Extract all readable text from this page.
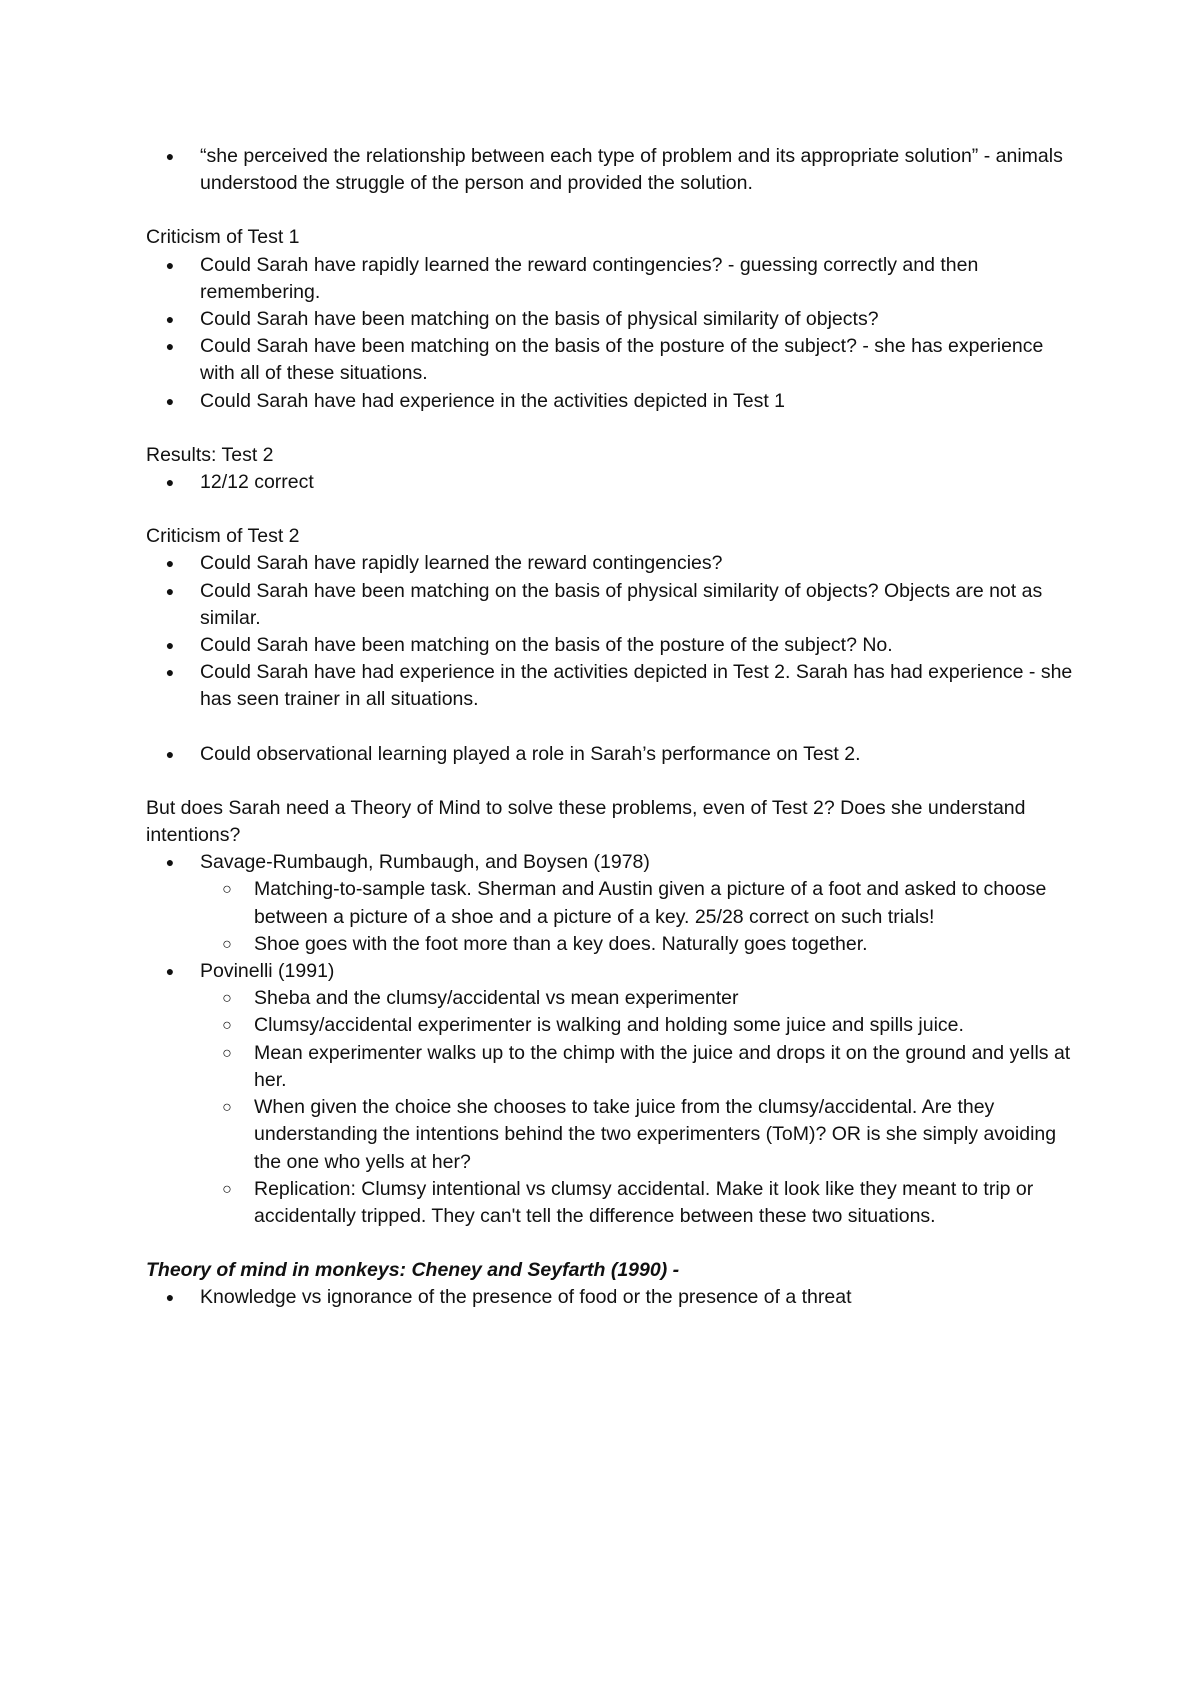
● “she perceived the relationship between each type of problem and its appropriate solution” - animals understood the struggle of the person and provided the solution.

Criticism of Test 1

● Could Sarah have rapidly learned the reward contingencies? - guessing correctly and then remembering.
● Could Sarah have been matching on the basis of physical similarity of objects?
● Could Sarah have been matching on the basis of the posture of the subject? - she has experience with all of these situations.
● Could Sarah have had experience in the activities depicted in Test 1

Results: Test 2

● 12/12 correct

Criticism of Test 2

● Could Sarah have rapidly learned the reward contingencies?
● Could Sarah have been matching on the basis of physical similarity of objects? Objects are not as similar.
● Could Sarah have been matching on the basis of the posture of the subject? No.
● Could Sarah have had experience in the activities depicted in Test 2. Sarah has had experience - she has seen trainer in all situations.
● Could observational learning played a role in Sarah’s performance on Test 2.

But does Sarah need a Theory of Mind to solve these problems, even of Test 2? Does she understand intentions?

● Savage-Rumbaugh, Rumbaugh, and Boysen (1978)
○ Matching-to-sample task. Sherman and Austin given a picture of a foot and asked to choose between a picture of a shoe and a picture of a key. 25/28 correct on such trials!
○ Shoe goes with the foot more than a key does. Naturally goes together.
● Povinelli (1991)
○ Sheba and the clumsy/accidental vs mean experimenter
○ Clumsy/accidental experimenter is walking and holding some juice and spills juice.
○ Mean experimenter walks up to the chimp with the juice and drops it on the ground and yells at her.
○ When given the choice she chooses to take juice from the clumsy/accidental. Are they understanding the intentions behind the two experimenters (ToM)? OR is she simply avoiding the one who yells at her?
○ Replication: Clumsy intentional vs clumsy accidental. Make it look like they meant to trip or accidentally tripped. They can't tell the difference between these two situations.

Theory of mind in monkeys: Cheney and Seyfarth (1990) -

● Knowledge vs ignorance of the presence of food or the presence of a threat
